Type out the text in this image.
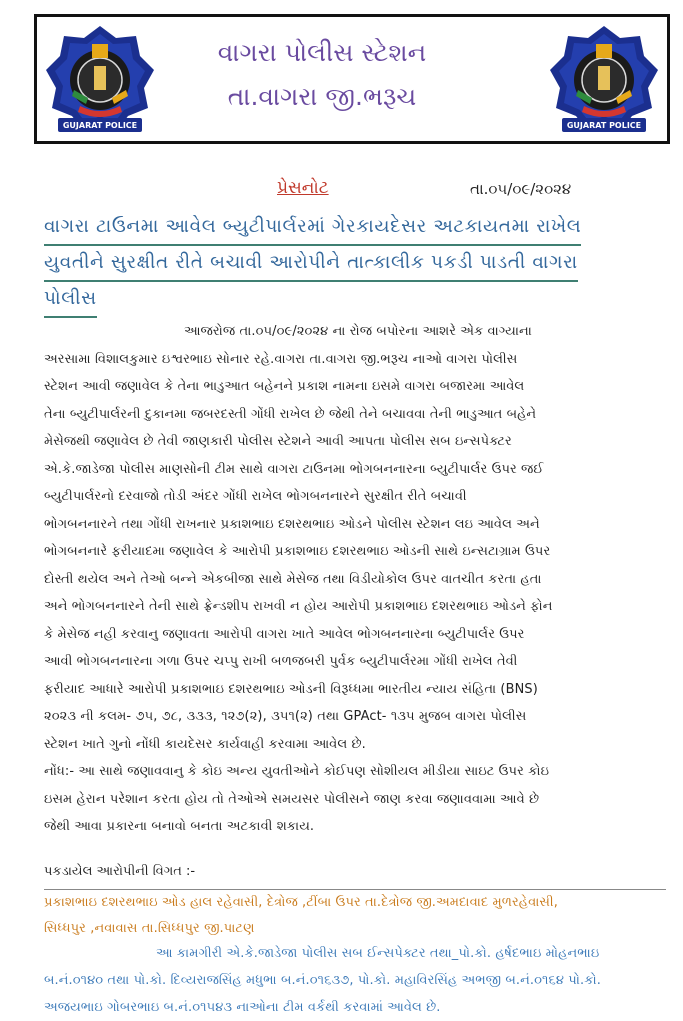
GUJARAT POLICE
વાગરા પોલીસ સ્ટેશન
તા.વાગરા જી.ભરૂચ
GUJARAT POLICE
પ્રેસનોટ	તા.૦૫/૦૯/૨૦૨૪
વાગરા ટાઉનમા આવેલ બ્યુટીપાર્લરમાં ગેરકાયદેસર અટકાયતમા રાખેલ
યુવતીને સુરક્ષીત રીતે બચાવી આરોપીને તાત્કાલીક પકડી પાડતી વાગરા
પોલીસ
આજરોજ તા.૦૫/૦૯/૨૦૨૪ ના રોજ બપોરના આશરે એક વાગ્યાના
અરસામા વિશાલકુમાર ઇશ્વરભાઇ સોનાર રહે.વાગરા તા.વાગરા જી.ભરૂચ નાઓ વાગરા પોલીસ
સ્ટેશન આવી જણાવેલ કે તેના ભાડુઆત બહેનને પ્રકાશ નામના ઇસમે વાગરા બજારમા આવેલ
તેના બ્યુટીપાર્લરની દુકાનમા જબરદસ્તી ગોંધી રાખેલ છે જેથી તેને બચાવવા તેની ભાડુઆત બહેને
મેસેજથી જણાવેલ છે તેવી જાણકારી પોલીસ સ્ટેશને આવી આપતા પોલીસ સબ ઇન્સપેક્ટર
એ.કે.જાડેજા પોલીસ માણસોની ટીમ સાથે વાગરા ટાઉનમા ભોગબનનારના બ્યુટીપાર્લર ઉપર જઈ
બ્યુટીપાર્લરનો દરવાજો તોડી અંદર ગોંધી રાખેલ ભોગબનનારને સુરક્ષીત રીતે બચાવી
ભોગબનનારને તથા ગોંધી રાખનાર પ્રકાશભાઇ દશરથભાઇ ઓડને પોલીસ સ્ટેશન લઇ આવેલ અને
ભોગબનનારે ફરીયાદમા જણાવેલ કે આરોપી પ્રકાશભાઇ દશરથભાઇ ઓડની સાથે ઇન્સટાગ્રામ ઉપર
દોસ્તી થયેલ અને તેઓ બન્ને એકબીજા સાથે મેસેજ તથા વિડીયોકોલ ઉપર વાતચીત કરતા હતા
અને ભોગબનનારને તેની સાથે ફ્રેન્ડશીપ રાખવી ન હોય આરોપી પ્રકાશભાઇ દશરથભાઇ ઓડને ફોન
કે મેસેજ નહી કરવાનુ જણાવતા આરોપી વાગરા ખાતે આવેલ ભોગબનનારના બ્યુટીપાર્લર ઉપર
આવી ભોગબનનારના ગળા ઉપર ચપ્પુ રાખી બળજબરી પુર્વક બ્યુટીપાર્લરમા ગોંધી રાખેલ તેવી
ફરીયાદ આધારે આરોપી પ્રકાશભાઇ દશરથભાઇ ઓડની વિરૂધ્ધમા ભારતીય ન્યાય સંહિતા (BNS)
૨૦૨૩ ની કલમ- ૭૫, ૭૮, ૩૩૩, ૧૨૭(૨), ૩૫૧(૨) તથા GPAct- ૧૩૫ મુજબ વાગરા પોલીસ
સ્ટેશન ખાતે ગુનો નોંધી કાયદેસર કાર્યવાહી કરવામા આવેલ છે.
નોંધ:- આ સાથે જણાવવાનુ કે કોઇ અન્ય યુવતીઓને કોઈપણ સોશીયલ મીડીયા સાઇટ ઉપર કોઇ
ઇસમ હેરાન પરેશાન કરતા હોય તો તેઓએ સમયસર પોલીસને જાણ કરવા જણાવવામા આવે છે
જેથી આવા પ્રકારના બનાવો બનતા અટકાવી શકાય.
પકડાયેલ આરોપીની વિગત :-
પ્રકાશભાઇ દશરથભાઇ ઓડ હાલ રહેવાસી, દેત્રોજ ,ટીંબા ઉપર તા.દેત્રોજ જી.અમદાવાદ મુળરહેવાસી,
સિધ્ધપુર ,નવાવાસ તા.સિધ્ધપુર જી.પાટણ
આ કામગીરી એ.કે.જાડેજા પોલીસ સબ ઈન્સપેક્ટર તથા_પો.કો. હર્ષદભાઇ મોહનભાઇ
બ.નં.૦૧૪૦ તથા પો.કો. દિવ્યરાજસિંહ મધુભા બ.નં.૦૧૬૩૭, પો.કો. મહાવિરસિંહ અભજી બ.નં.૦૧૬૪ પો.કો.
અજયભાઇ ગોબરભાઇ બ.નં.૦૧૫૪૩ નાઓના ટીમ વર્કથી કરવામાં આવેલ છે.
